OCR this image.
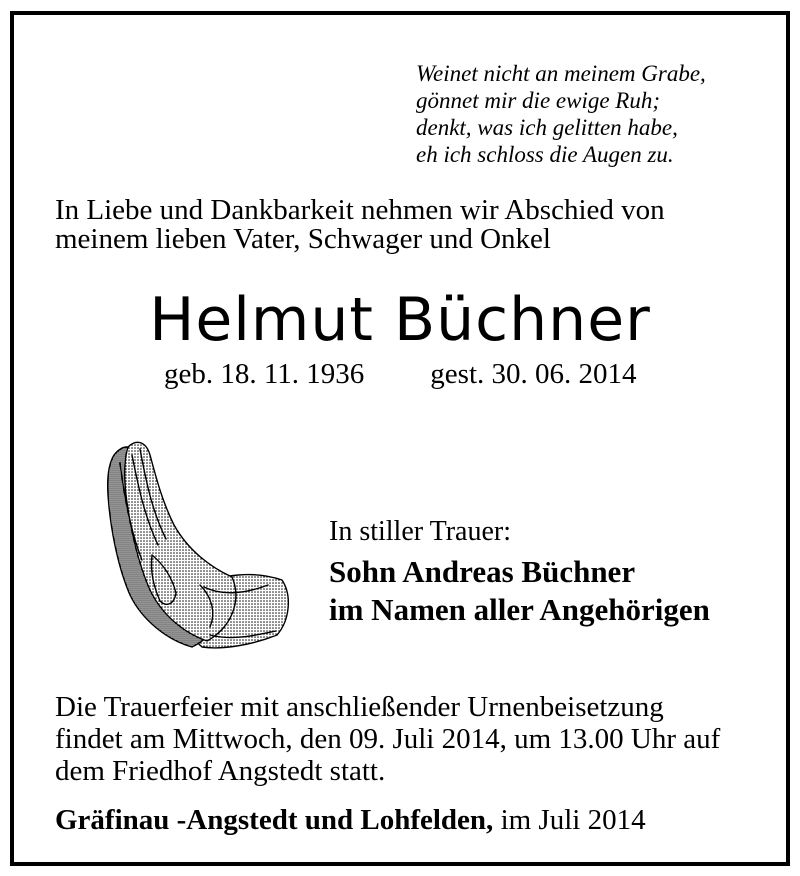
Weinet nicht an meinem Grabe,
gönnet mir die ewige Ruh;
denkt, was ich gelitten habe,
eh ich schloss die Augen zu.
In Liebe und Dankbarkeit nehmen wir Abschied von
meinem lieben Vater, Schwager und Onkel
Helmut Büchner
geb. 18. 11. 1936 gest. 30. 06. 2014
In stiller Trauer:
Sohn Andreas Büchner
im Namen aller Angehörigen
Die Trauerfeier mit anschließender Urnenbeisetzung
findet am Mittwoch, den 09. Juli 2014, um 13.00 Uhr auf
dem Friedhof Angstedt statt.
Gräfinau -Angstedt und Lohfelden, im Juli 2014
